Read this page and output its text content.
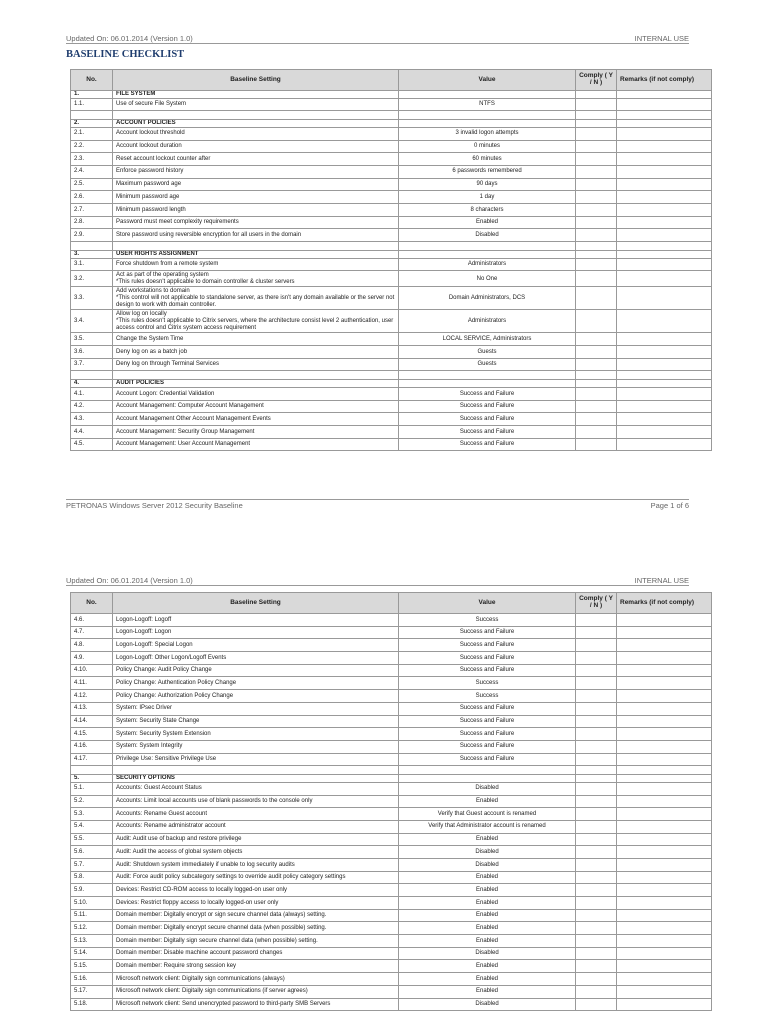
Updated On: 06.01.2014 (Version 1.0)	INTERNAL USE
BASELINE CHECKLIST
No.	Baseline Setting	Value	Comply ( Y / N )	Remarks (if not comply)
1.	FILE SYSTEM			
1.1.	Use of secure File System	NTFS		

2.	ACCOUNT POLICIES			
2.1.	Account lockout threshold	3 invalid logon attempts		
2.2.	Account lockout duration	0 minutes		
2.3.	Reset account lockout counter after	60 minutes		
2.4.	Enforce password history	6 passwords remembered		
2.5.	Maximum password age	90 days		
2.6.	Minimum password age	1 day		
2.7.	Minimum password length	8 characters		
2.8.	Password must meet complexity requirements	Enabled		
2.9.	Store password using reversible encryption for all users in the domain	Disabled		

3.	USER RIGHTS ASSIGNMENT			
3.1.	Force shutdown from a remote system	Administrators		
3.2.	Act as part of the operating system
*This rules doesn't applicable to domain controller & cluster servers	No One		
3.3.	Add workstations to domain
*This control will not applicable to standalone server, as there isn't any domain available or the server not design to work with domain controller.	Domain Administrators, DCS		
3.4.	Allow log on locally
*This rules doesn't applicable to Citrix servers, where the architecture consist level 2 authentication, user access control and Citrix system access requirement	Administrators		
3.5.	Change the System Time	LOCAL SERVICE, Administrators		
3.6.	Deny log on as a batch job	Guests		
3.7.	Deny log on through Terminal Services	Guests		

4.	AUDIT POLICIES			
4.1.	Account Logon: Credential Validation	Success and Failure		
4.2.	Account Management: Computer Account Management	Success and Failure		
4.3.	Account Management Other Account Management Events	Success and Failure		
4.4.	Account Management: Security Group Management	Success and Failure		
4.5.	Account Management: User Account Management	Success and Failure		
PETRONAS Windows Server 2012 Security Baseline	Page 1 of 6
Updated On: 06.01.2014 (Version 1.0)	INTERNAL USE
No.	Baseline Setting	Value	Comply ( Y / N )	Remarks (if not comply)
4.6.	Logon-Logoff: Logoff	Success		
4.7.	Logon-Logoff: Logon	Success and Failure		
4.8.	Logon-Logoff: Special Logon	Success and Failure		
4.9.	Logon-Logoff: Other Logon/Logoff Events	Success and Failure		
4.10.	Policy Change: Audit Policy Change	Success and Failure		
4.11.	Policy Change: Authentication Policy Change	Success		
4.12.	Policy Change: Authorization Policy Change	Success		
4.13.	System: IPsec Driver	Success and Failure		
4.14.	System: Security State Change	Success and Failure		
4.15.	System: Security System Extension	Success and Failure		
4.16.	System: System Integrity	Success and Failure		
4.17.	Privilege Use: Sensitive Privilege Use	Success and Failure		

5.	SECURITY OPTIONS			
5.1.	Accounts: Guest Account Status	Disabled		
5.2.	Accounts: Limit local accounts use of blank passwords to the console only	Enabled		
5.3.	Accounts: Rename Guest account	Verify that Guest account is renamed		
5.4.	Accounts: Rename administrator account	Verify that Administrator account is renamed		
5.5.	Audit: Audit use of backup and restore privilege	Enabled		
5.6.	Audit: Audit the access of global system objects	Disabled		
5.7.	Audit: Shutdown system immediately if unable to log security audits	Disabled		
5.8.	Audit: Force audit policy subcategory settings to override audit policy category settings	Enabled		
5.9.	Devices: Restrict CD-ROM access to locally logged-on user only	Enabled		
5.10.	Devices: Restrict floppy access to locally logged-on user only	Enabled		
5.11.	Domain member: Digitally encrypt or sign secure channel data (always) setting.	Enabled		
5.12.	Domain member: Digitally encrypt secure channel data (when possible) setting.	Enabled		
5.13.	Domain member: Digitally sign secure channel data (when possible) setting.	Enabled		
5.14.	Domain member: Disable machine account password changes	Disabled		
5.15.	Domain member: Require strong session key	Enabled		
5.16.	Microsoft network client: Digitally sign communications (always)	Enabled		
5.17.	Microsoft network client: Digitally sign communications (if server agrees)	Enabled		
5.18.	Microsoft network client: Send unencrypted password to third-party SMB Servers	Disabled		
